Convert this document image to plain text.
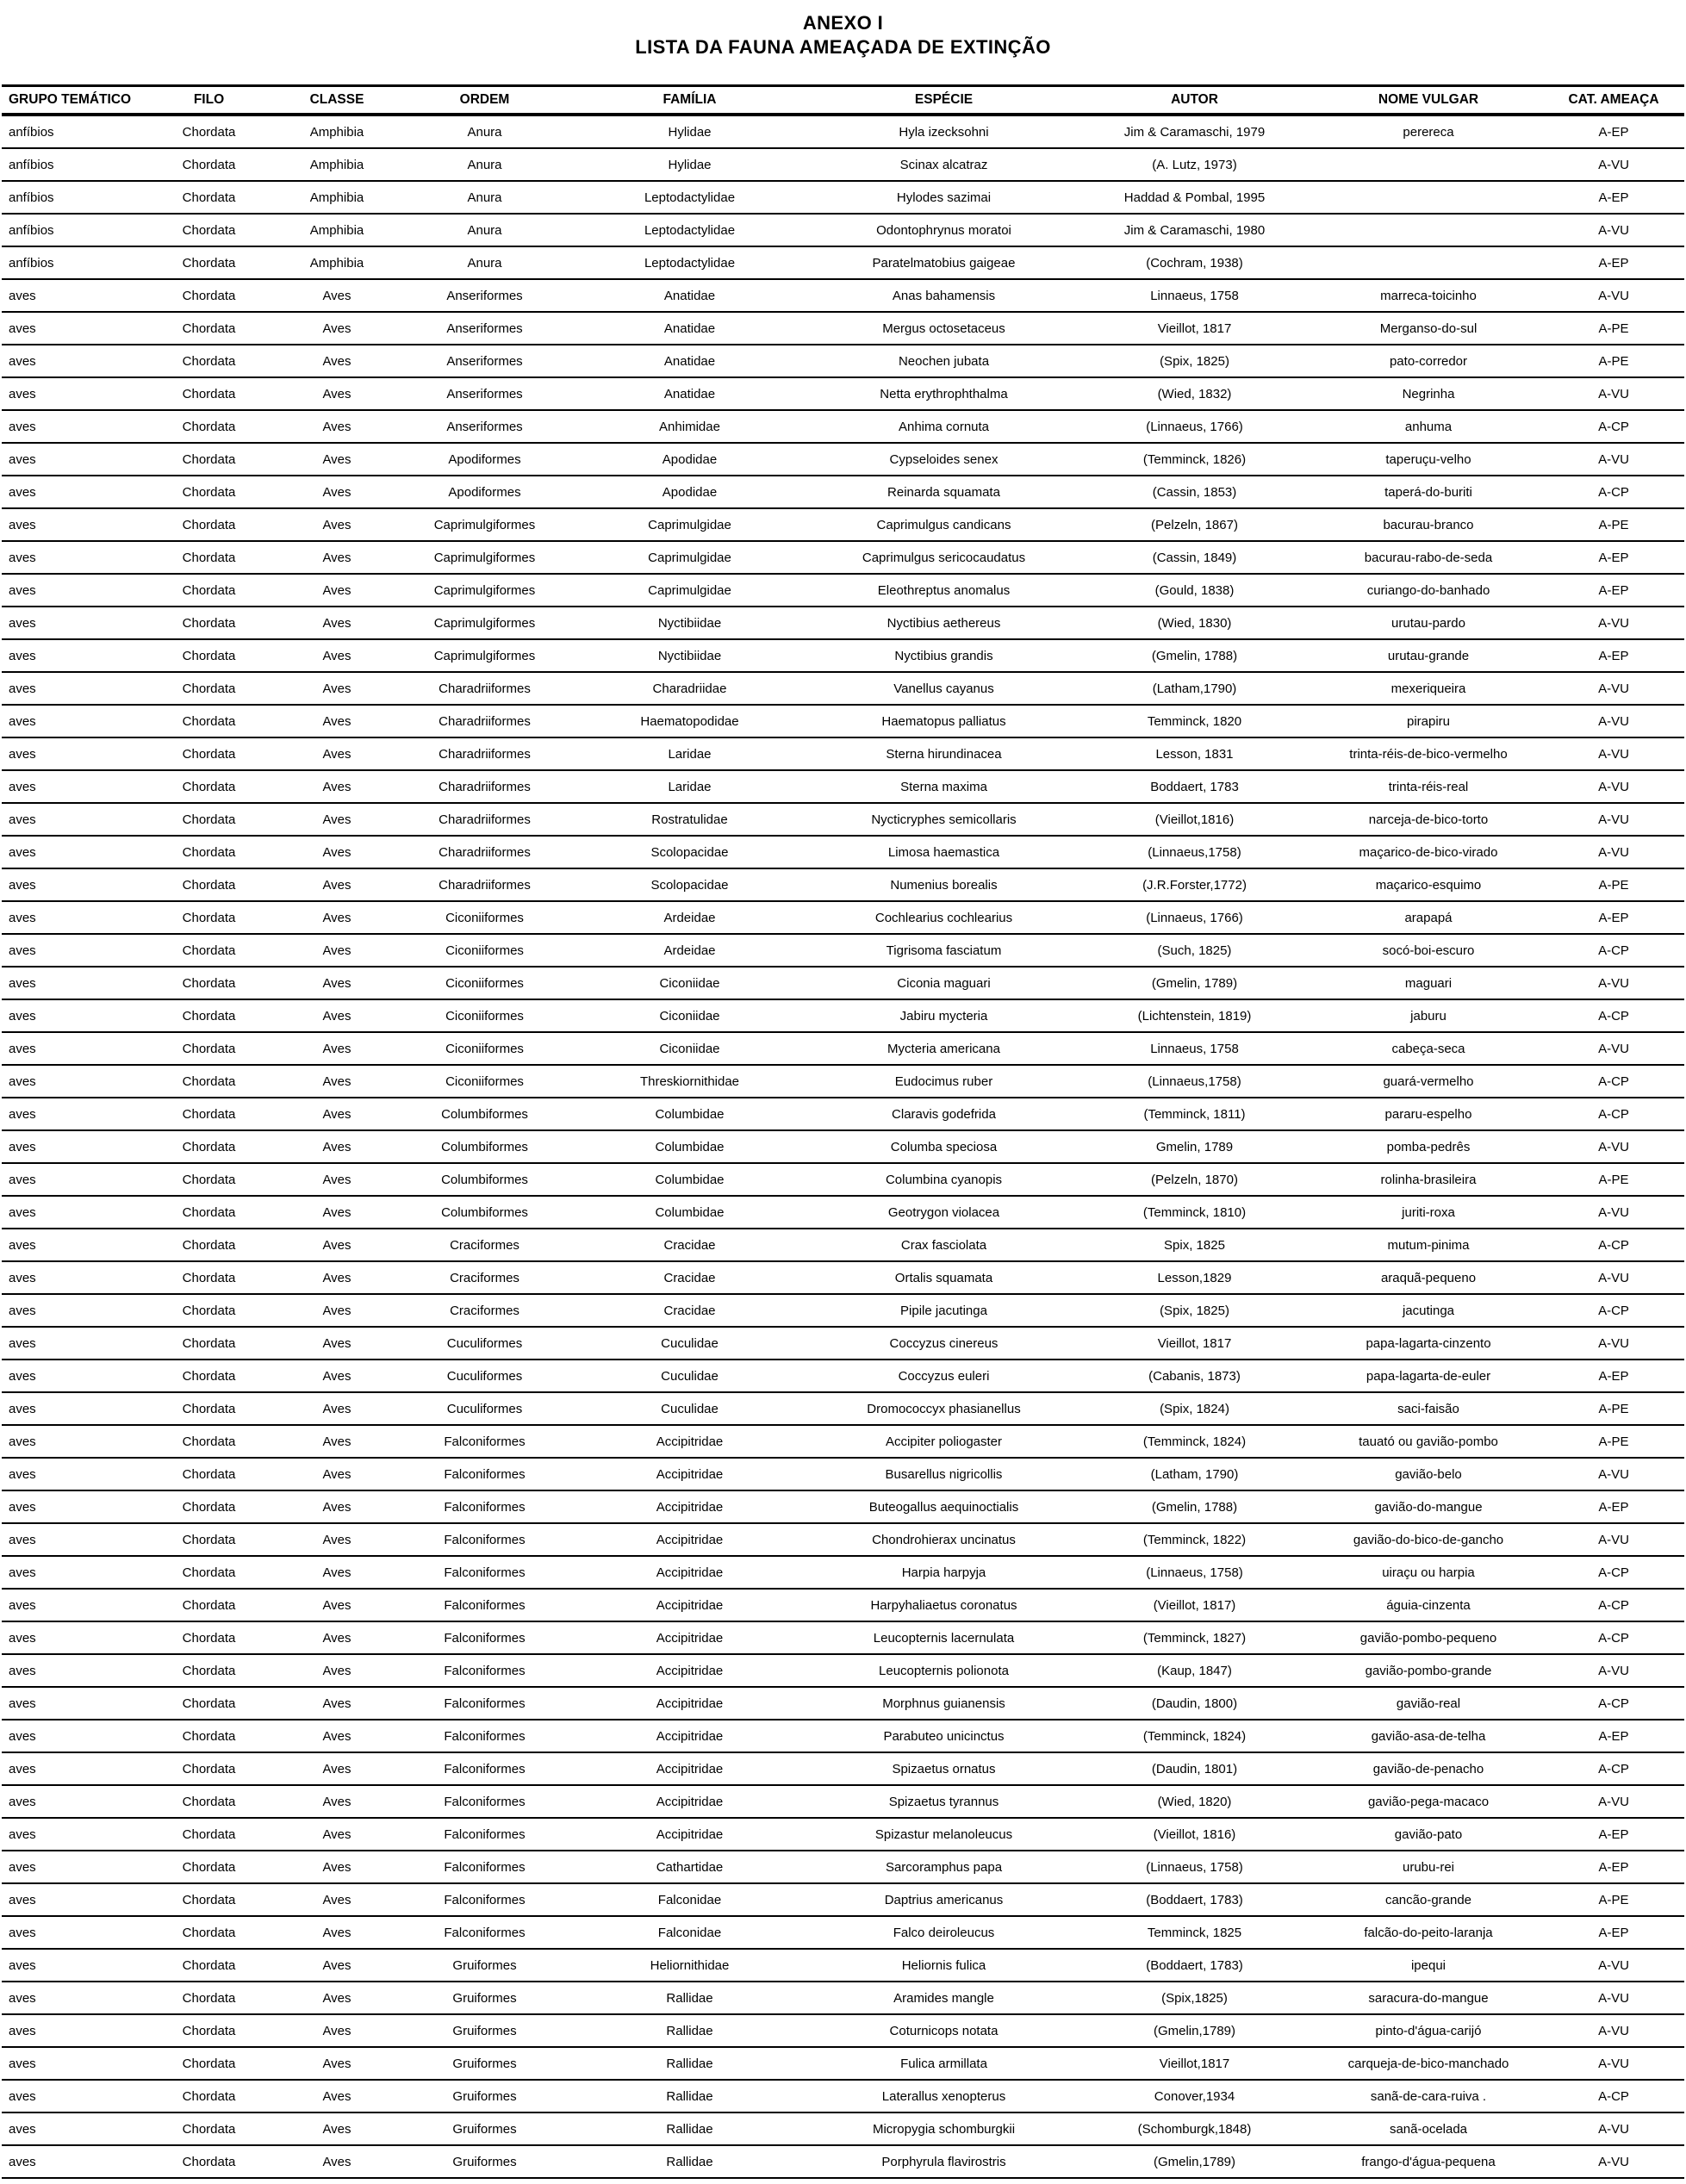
ANEXO I
LISTA DA FAUNA AMEAÇADA DE EXTINÇÃO
GRUPO TEMÁTICO	FILO	CLASSE	ORDEM	FAMÍLIA	ESPÉCIE	AUTOR	NOME VULGAR	CAT. AMEAÇA
anfíbios	Chordata	Amphibia	Anura	Hylidae	Hyla izecksohni	Jim & Caramaschi, 1979	perereca	A-EP
anfíbios	Chordata	Amphibia	Anura	Hylidae	Scinax alcatraz	(A. Lutz, 1973)		A-VU
anfíbios	Chordata	Amphibia	Anura	Leptodactylidae	Hylodes sazimai	Haddad & Pombal, 1995		A-EP
anfíbios	Chordata	Amphibia	Anura	Leptodactylidae	Odontophrynus moratoi	Jim & Caramaschi, 1980		A-VU
anfíbios	Chordata	Amphibia	Anura	Leptodactylidae	Paratelmatobius gaigeae	(Cochram, 1938)		A-EP
aves	Chordata	Aves	Anseriformes	Anatidae	Anas bahamensis	Linnaeus, 1758	marreca-toicinho	A-VU
aves	Chordata	Aves	Anseriformes	Anatidae	Mergus octosetaceus	Vieillot, 1817	Merganso-do-sul	A-PE
aves	Chordata	Aves	Anseriformes	Anatidae	Neochen jubata	(Spix, 1825)	pato-corredor	A-PE
aves	Chordata	Aves	Anseriformes	Anatidae	Netta erythrophthalma	(Wied, 1832)	Negrinha	A-VU
aves	Chordata	Aves	Anseriformes	Anhimidae	Anhima cornuta	(Linnaeus, 1766)	anhuma	A-CP
aves	Chordata	Aves	Apodiformes	Apodidae	Cypseloides senex	(Temminck, 1826)	taperuçu-velho	A-VU
aves	Chordata	Aves	Apodiformes	Apodidae	Reinarda squamata	(Cassin, 1853)	taperá-do-buriti	A-CP
aves	Chordata	Aves	Caprimulgiformes	Caprimulgidae	Caprimulgus candicans	(Pelzeln, 1867)	bacurau-branco	A-PE
aves	Chordata	Aves	Caprimulgiformes	Caprimulgidae	Caprimulgus sericocaudatus	(Cassin, 1849)	bacurau-rabo-de-seda	A-EP
aves	Chordata	Aves	Caprimulgiformes	Caprimulgidae	Eleothreptus anomalus	(Gould, 1838)	curiango-do-banhado	A-EP
aves	Chordata	Aves	Caprimulgiformes	Nyctibiidae	Nyctibius aethereus	(Wied, 1830)	urutau-pardo	A-VU
aves	Chordata	Aves	Caprimulgiformes	Nyctibiidae	Nyctibius grandis	(Gmelin, 1788)	urutau-grande	A-EP
aves	Chordata	Aves	Charadriiformes	Charadriidae	Vanellus cayanus	(Latham,1790)	mexeriqueira	A-VU
aves	Chordata	Aves	Charadriiformes	Haematopodidae	Haematopus palliatus	Temminck, 1820	pirapiru	A-VU
aves	Chordata	Aves	Charadriiformes	Laridae	Sterna hirundinacea	Lesson, 1831	trinta-réis-de-bico-vermelho	A-VU
aves	Chordata	Aves	Charadriiformes	Laridae	Sterna maxima	Boddaert, 1783	trinta-réis-real	A-VU
aves	Chordata	Aves	Charadriiformes	Rostratulidae	Nycticryphes semicollaris	(Vieillot,1816)	narceja-de-bico-torto	A-VU
aves	Chordata	Aves	Charadriiformes	Scolopacidae	Limosa haemastica	(Linnaeus,1758)	maçarico-de-bico-virado	A-VU
aves	Chordata	Aves	Charadriiformes	Scolopacidae	Numenius borealis	(J.R.Forster,1772)	maçarico-esquimo	A-PE
aves	Chordata	Aves	Ciconiiformes	Ardeidae	Cochlearius cochlearius	(Linnaeus, 1766)	arapapá	A-EP
aves	Chordata	Aves	Ciconiiformes	Ardeidae	Tigrisoma fasciatum	(Such, 1825)	socó-boi-escuro	A-CP
aves	Chordata	Aves	Ciconiiformes	Ciconiidae	Ciconia maguari	(Gmelin, 1789)	maguari	A-VU
aves	Chordata	Aves	Ciconiiformes	Ciconiidae	Jabiru mycteria	(Lichtenstein, 1819)	jaburu	A-CP
aves	Chordata	Aves	Ciconiiformes	Ciconiidae	Mycteria americana	Linnaeus, 1758	cabeça-seca	A-VU
aves	Chordata	Aves	Ciconiiformes	Threskiornithidae	Eudocimus ruber	(Linnaeus,1758)	guará-vermelho	A-CP
aves	Chordata	Aves	Columbiformes	Columbidae	Claravis godefrida	(Temminck, 1811)	pararu-espelho	A-CP
aves	Chordata	Aves	Columbiformes	Columbidae	Columba speciosa	Gmelin, 1789	pomba-pedrês	A-VU
aves	Chordata	Aves	Columbiformes	Columbidae	Columbina cyanopis	(Pelzeln, 1870)	rolinha-brasileira	A-PE
aves	Chordata	Aves	Columbiformes	Columbidae	Geotrygon violacea	(Temminck, 1810)	juriti-roxa	A-VU
aves	Chordata	Aves	Craciformes	Cracidae	Crax fasciolata	Spix, 1825	mutum-pinima	A-CP
aves	Chordata	Aves	Craciformes	Cracidae	Ortalis squamata	Lesson,1829	araquã-pequeno	A-VU
aves	Chordata	Aves	Craciformes	Cracidae	Pipile jacutinga	(Spix, 1825)	jacutinga	A-CP
aves	Chordata	Aves	Cuculiformes	Cuculidae	Coccyzus cinereus	Vieillot, 1817	papa-lagarta-cinzento	A-VU
aves	Chordata	Aves	Cuculiformes	Cuculidae	Coccyzus euleri	(Cabanis, 1873)	papa-lagarta-de-euler	A-EP
aves	Chordata	Aves	Cuculiformes	Cuculidae	Dromococcyx phasianellus	(Spix, 1824)	saci-faisão	A-PE
aves	Chordata	Aves	Falconiformes	Accipitridae	Accipiter poliogaster	(Temminck, 1824)	tauató ou gavião-pombo	A-PE
aves	Chordata	Aves	Falconiformes	Accipitridae	Busarellus nigricollis	(Latham, 1790)	gavião-belo	A-VU
aves	Chordata	Aves	Falconiformes	Accipitridae	Buteogallus aequinoctialis	(Gmelin, 1788)	gavião-do-mangue	A-EP
aves	Chordata	Aves	Falconiformes	Accipitridae	Chondrohierax uncinatus	(Temminck, 1822)	gavião-do-bico-de-gancho	A-VU
aves	Chordata	Aves	Falconiformes	Accipitridae	Harpia harpyja	(Linnaeus, 1758)	uiraçu ou harpia	A-CP
aves	Chordata	Aves	Falconiformes	Accipitridae	Harpyhaliaetus coronatus	(Vieillot, 1817)	águia-cinzenta	A-CP
aves	Chordata	Aves	Falconiformes	Accipitridae	Leucopternis lacernulata	(Temminck, 1827)	gavião-pombo-pequeno	A-CP
aves	Chordata	Aves	Falconiformes	Accipitridae	Leucopternis polionota	(Kaup, 1847)	gavião-pombo-grande	A-VU
aves	Chordata	Aves	Falconiformes	Accipitridae	Morphnus guianensis	(Daudin, 1800)	gavião-real	A-CP
aves	Chordata	Aves	Falconiformes	Accipitridae	Parabuteo unicinctus	(Temminck, 1824)	gavião-asa-de-telha	A-EP
aves	Chordata	Aves	Falconiformes	Accipitridae	Spizaetus ornatus	(Daudin, 1801)	gavião-de-penacho	A-CP
aves	Chordata	Aves	Falconiformes	Accipitridae	Spizaetus tyrannus	(Wied, 1820)	gavião-pega-macaco	A-VU
aves	Chordata	Aves	Falconiformes	Accipitridae	Spizastur melanoleucus	(Vieillot, 1816)	gavião-pato	A-EP
aves	Chordata	Aves	Falconiformes	Cathartidae	Sarcoramphus papa	(Linnaeus, 1758)	urubu-rei	A-EP
aves	Chordata	Aves	Falconiformes	Falconidae	Daptrius americanus	(Boddaert, 1783)	cancão-grande	A-PE
aves	Chordata	Aves	Falconiformes	Falconidae	Falco deiroleucus	Temminck, 1825	falcão-do-peito-laranja	A-EP
aves	Chordata	Aves	Gruiformes	Heliornithidae	Heliornis fulica	(Boddaert, 1783)	ipequi	A-VU
aves	Chordata	Aves	Gruiformes	Rallidae	Aramides mangle	(Spix,1825)	saracura-do-mangue	A-VU
aves	Chordata	Aves	Gruiformes	Rallidae	Coturnicops notata	(Gmelin,1789)	pinto-d'água-carijó	A-VU
aves	Chordata	Aves	Gruiformes	Rallidae	Fulica armillata	Vieillot,1817	carqueja-de-bico-manchado	A-VU
aves	Chordata	Aves	Gruiformes	Rallidae	Laterallus xenopterus	Conover,1934	sanã-de-cara-ruiva .	A-CP
aves	Chordata	Aves	Gruiformes	Rallidae	Micropygia schomburgkii	(Schomburgk,1848)	sanã-ocelada	A-VU
aves	Chordata	Aves	Gruiformes	Rallidae	Porphyrula flavirostris	(Gmelin,1789)	frango-d'água-pequena	A-VU
